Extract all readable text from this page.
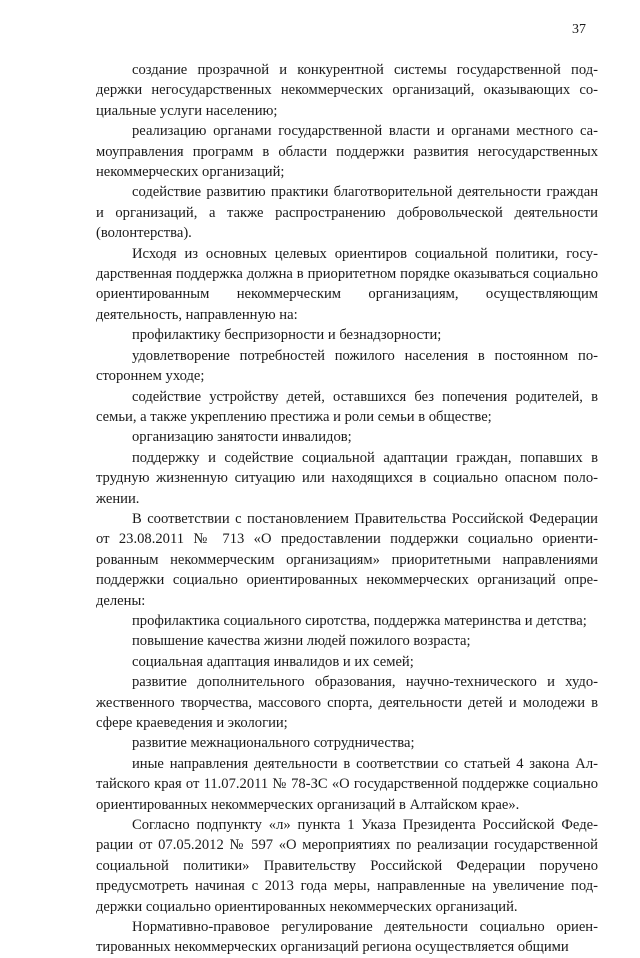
37

создание прозрачной и конкурентной системы государственной поддержки негосударственных некоммерческих организаций, оказывающих социальные услуги населению;

реализацию органами государственной власти и органами местного самоуправления программ в области поддержки развития негосударственных некоммерческих организаций;

содействие развитию практики благотворительной деятельности граждан и организаций, а также распространению добровольческой деятельности (волонтерства).

Исходя из основных целевых ориентиров социальной политики, государственная поддержка должна в приоритетном порядке оказываться социально ориентированным некоммерческим организациям, осуществляющим деятельность, направленную на:

профилактику беспризорности и безнадзорности;

удовлетворение потребностей пожилого населения в постоянном постороннем уходе;

содействие устройству детей, оставшихся без попечения родителей, в семьи, а также укреплению престижа и роли семьи в обществе;

организацию занятости инвалидов;

поддержку и содействие социальной адаптации граждан, попавших в трудную жизненную ситуацию или находящихся в социально опасном положении.

В соответствии с постановлением Правительства Российской Федерации от 23.08.2011 № 713 «О предоставлении поддержки социально ориентированным некоммерческим организациям» приоритетными направлениями поддержки социально ориентированных некоммерческих организаций определены:

профилактика социального сиротства, поддержка материнства и детства;

повышение качества жизни людей пожилого возраста;

социальная адаптация инвалидов и их семей;

развитие дополнительного образования, научно-технического и художественного творчества, массового спорта, деятельности детей и молодежи в сфере краеведения и экологии;

развитие межнационального сотрудничества;

иные направления деятельности в соответствии со статьей 4 закона Алтайского края от 11.07.2011 № 78-ЗС «О государственной поддержке социально ориентированных некоммерческих организаций в Алтайском крае».

Согласно подпункту «л» пункта 1 Указа Президента Российской Федерации от 07.05.2012 № 597 «О мероприятиях по реализации государственной социальной политики» Правительству Российской Федерации поручено предусмотреть начиная с 2013 года меры, направленные на увеличение поддержки социально ориентированных некоммерческих организаций.

Нормативно-правовое регулирование деятельности социально ориентированных некоммерческих организаций региона осуществляется общими
